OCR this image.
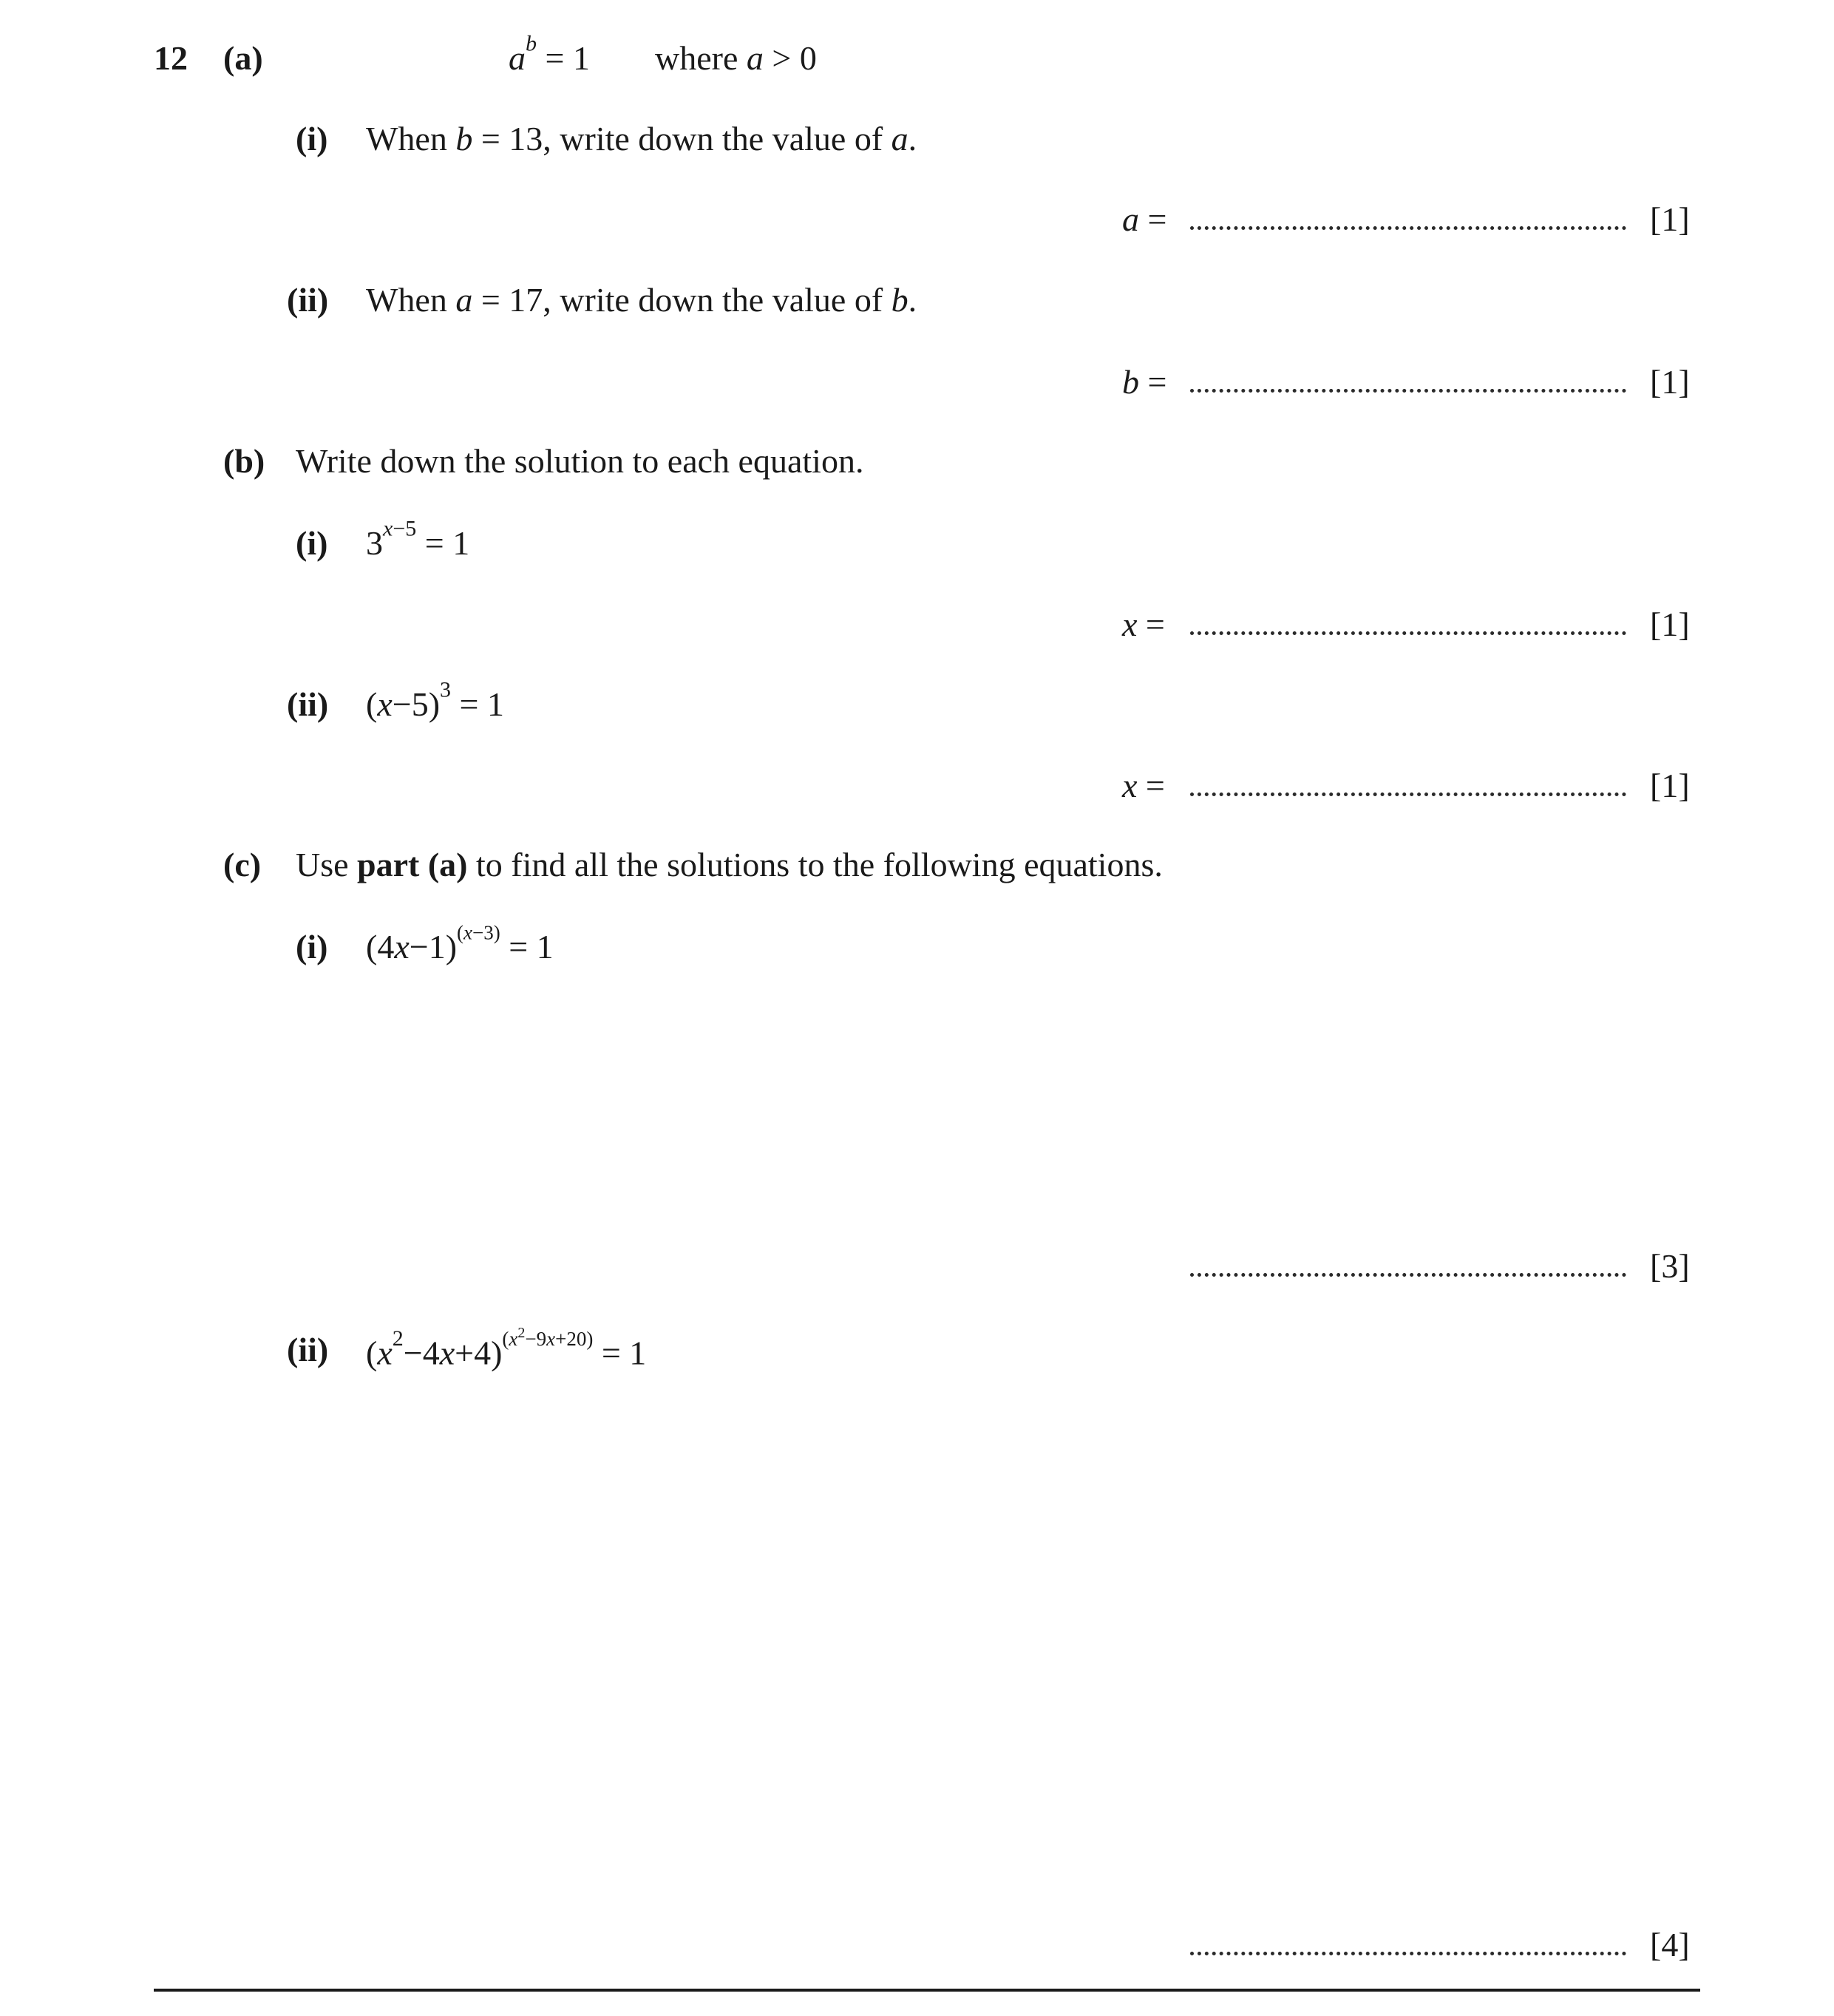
12 (a)	$a^b = 1$ where a > 0
(i) When b = 13, write down the value of a.
a =	[1]
(ii) When a = 17, write down the value of b.
b =	[1]
(b) Write down the solution to each equation.
(i) $3^{x-5} = 1$
x =	[1]
(ii) $(x-5)^3 = 1$
x =	[1]
(c) Use part (a) to find all the solutions to the following equations.
(i) $(4x-1)^{(x-3)} = 1$
[3]
(ii) $(x^2-4x+4)^{(x^2-9x+20)} = 1$
[4]
